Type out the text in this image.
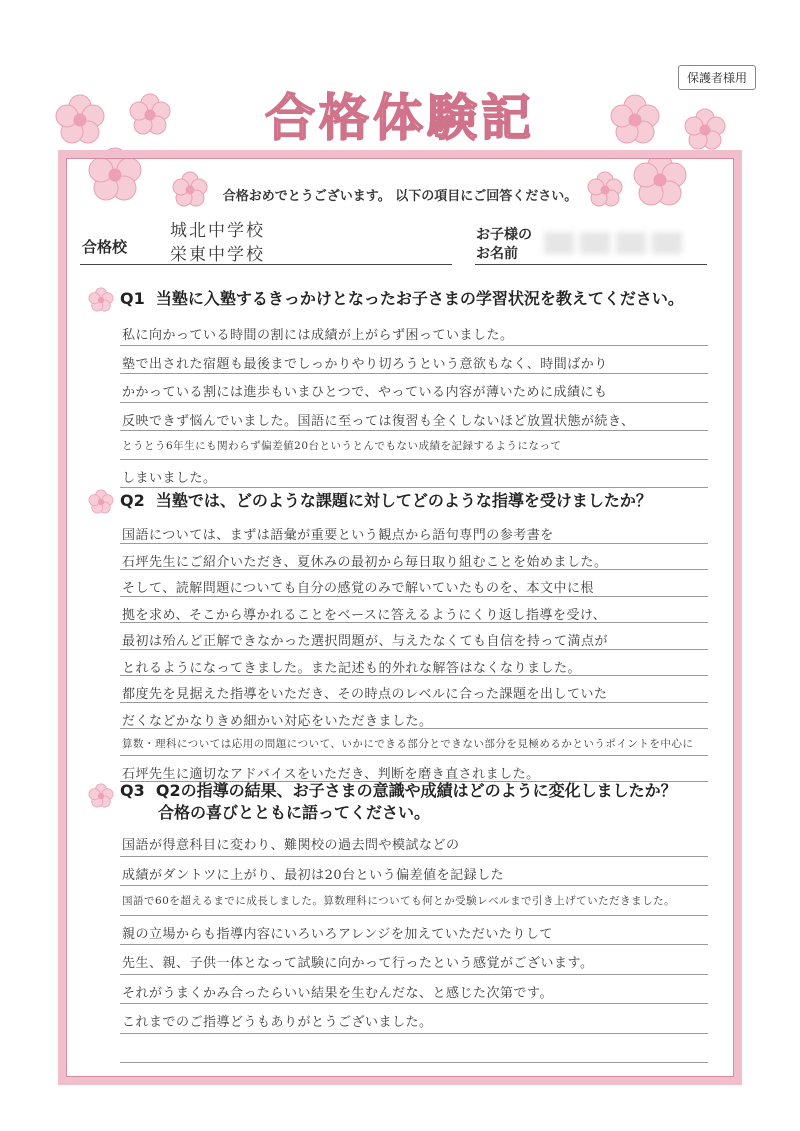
保護者様用
合格体験記
合格おめでとうございます。 以下の項目にご回答ください。
合格校
城北中学校
栄東中学校
お子様の
お名前
Q1 当塾に入塾するきっかけとなったお子さまの学習状況を教えてください。
私に向かっている時間の割には成績が上がらず困っていました。
塾で出された宿題も最後までしっかりやり切ろうという意欲もなく、時間ばかり
かかっている割には進歩もいまひとつで、やっている内容が薄いために成績にも
反映できず悩んでいました。国語に至っては復習も全くしないほど放置状態が続き、
とうとう6年生にも関わらず偏差値20台というとんでもない成績を記録するようになって
しまいました。
Q2 当塾では、どのような課題に対してどのような指導を受けましたか？
国語については、まずは語彙が重要という観点から語句専門の参考書を
石坪先生にご紹介いただき、夏休みの最初から毎日取り組むことを始めました。
そして、読解問題についても自分の感覚のみで解いていたものを、本文中に根
拠を求め、そこから導かれることをベースに答えるようにくり返し指導を受け、
最初は殆んど正解できなかった選択問題が、与えたなくても自信を持って満点が
とれるようになってきました。また記述も的外れな解答はなくなりました。
都度先を見据えた指導をいただき、その時点のレベルに合った課題を出していた
だくなどかなりきめ細かい対応をいただきました。
算数・理科については応用の問題について、いかにできる部分とできない部分を見極めるかというポイントを中心に
石坪先生に適切なアドバイスをいただき、判断を磨き直されました。
Q3 Q2の指導の結果、お子さまの意識や成績はどのように変化しましたか？
合格の喜びとともに語ってください。
国語が得意科目に変わり、難関校の過去問や模試などの
成績がダントツに上がり、最初は20台という偏差値を記録した
国語で60を超えるまでに成長しました。算数理科についても何とか受験レベルまで引き上げていただきました。
親の立場からも指導内容にいろいろアレンジを加えていただいたりして
先生、親、子供一体となって試験に向かって行ったという感覚がございます。
それがうまくかみ合ったらいい結果を生むんだな、と感じた次第です。
これまでのご指導どうもありがとうございました。
